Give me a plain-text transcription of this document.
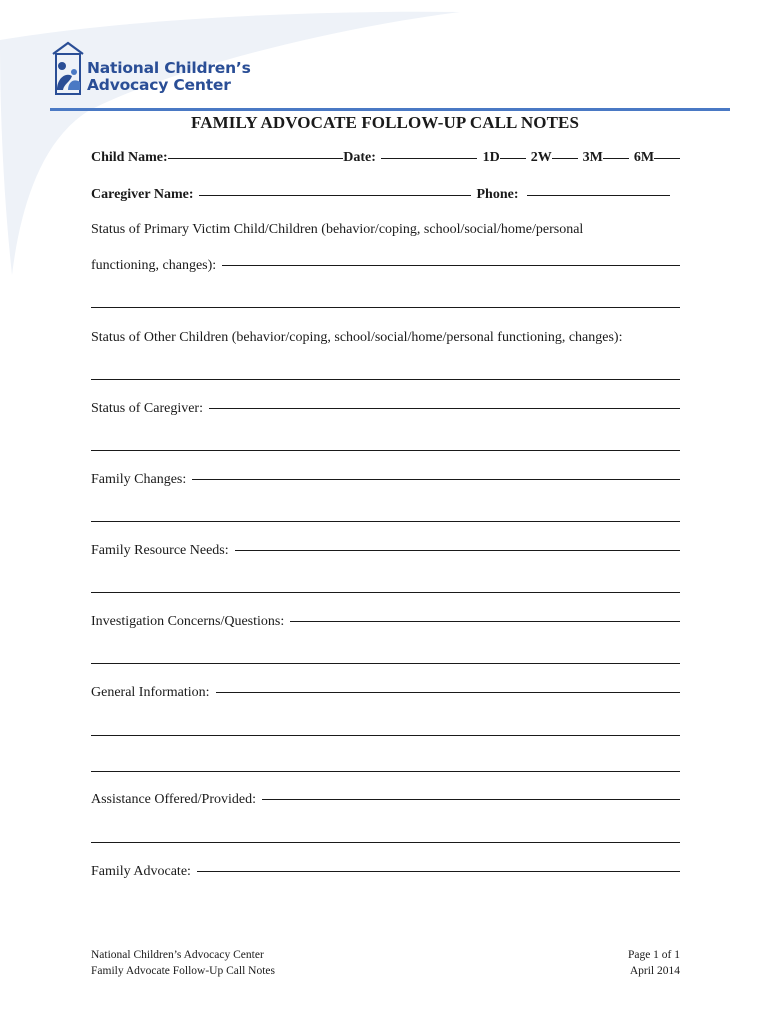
National Children’s
Advocacy Center
FAMILY ADVOCATE FOLLOW-UP CALL NOTES
Child Name:	Date:	1D 2W 3M 6M
Caregiver Name:	Phone:
Status of Primary Victim Child/Children (behavior/coping, school/social/home/personal
functioning, changes):
Status of Other Children (behavior/coping, school/social/home/personal functioning, changes):
Status of Caregiver:
Family Changes:
Family Resource Needs:
Investigation Concerns/Questions:
General Information:
Assistance Offered/Provided:
Family Advocate:
National Children’s Advocacy Center
Family Advocate Follow-Up Call Notes
Page 1 of 1
April 2014
